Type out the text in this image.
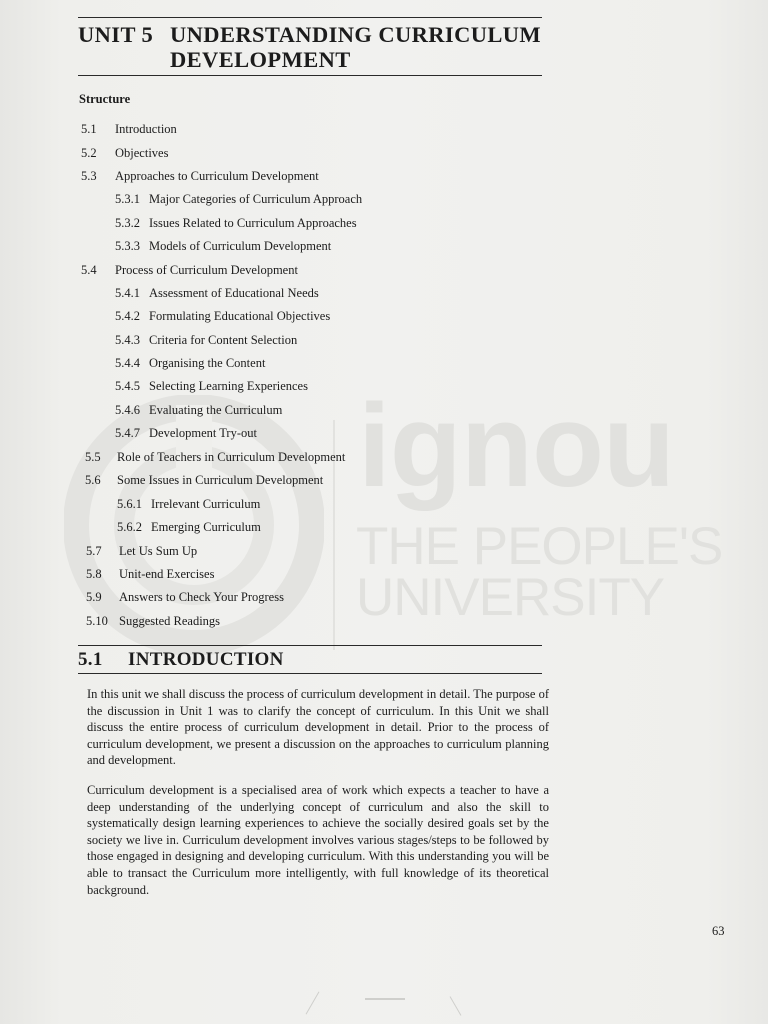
ignou
THE PEOPLE'S
UNIVERSITY
UNIT 5 UNDERSTANDING CURRICULUM
DEVELOPMENT
Structure
5.1 Introduction
5.2 Objectives
5.3 Approaches to Curriculum Development
5.3.1 Major Categories of Curriculum Approach
5.3.2 Issues Related to Curriculum Approaches
5.3.3 Models of Curriculum Development
5.4 Process of Curriculum Development
5.4.1 Assessment of Educational Needs
5.4.2 Formulating Educational Objectives
5.4.3 Criteria for Content Selection
5.4.4 Organising the Content
5.4.5 Selecting Learning Experiences
5.4.6 Evaluating the Curriculum
5.4.7 Development Try-out
5.5 Role of Teachers in Curriculum Development
5.6 Some Issues in Curriculum Development
5.6.1 Irrelevant Curriculum
5.6.2 Emerging Curriculum
5.7 Let Us Sum Up
5.8 Unit-end Exercises
5.9 Answers to Check Your Progress
5.10 Suggested Readings
5.1 INTRODUCTION

In this unit we shall discuss the process of curriculum development in detail. The purpose of the discussion in Unit 1 was to clarify the concept of curriculum. In this Unit we shall discuss the entire process of curriculum development in detail. Prior to the process of curriculum development, we present a discussion on the approaches to curriculum planning and development.

Curriculum development is a specialised area of work which expects a teacher to have a deep understanding of the underlying concept of curriculum and also the skill to systematically design learning experiences to achieve the socially desired goals set by the society we live in. Curriculum development involves various stages/steps to be followed by those engaged in designing and developing curriculum. With this understanding you will be able to transact the Curriculum more intelligently, with full knowledge of its theoretical background.

63
